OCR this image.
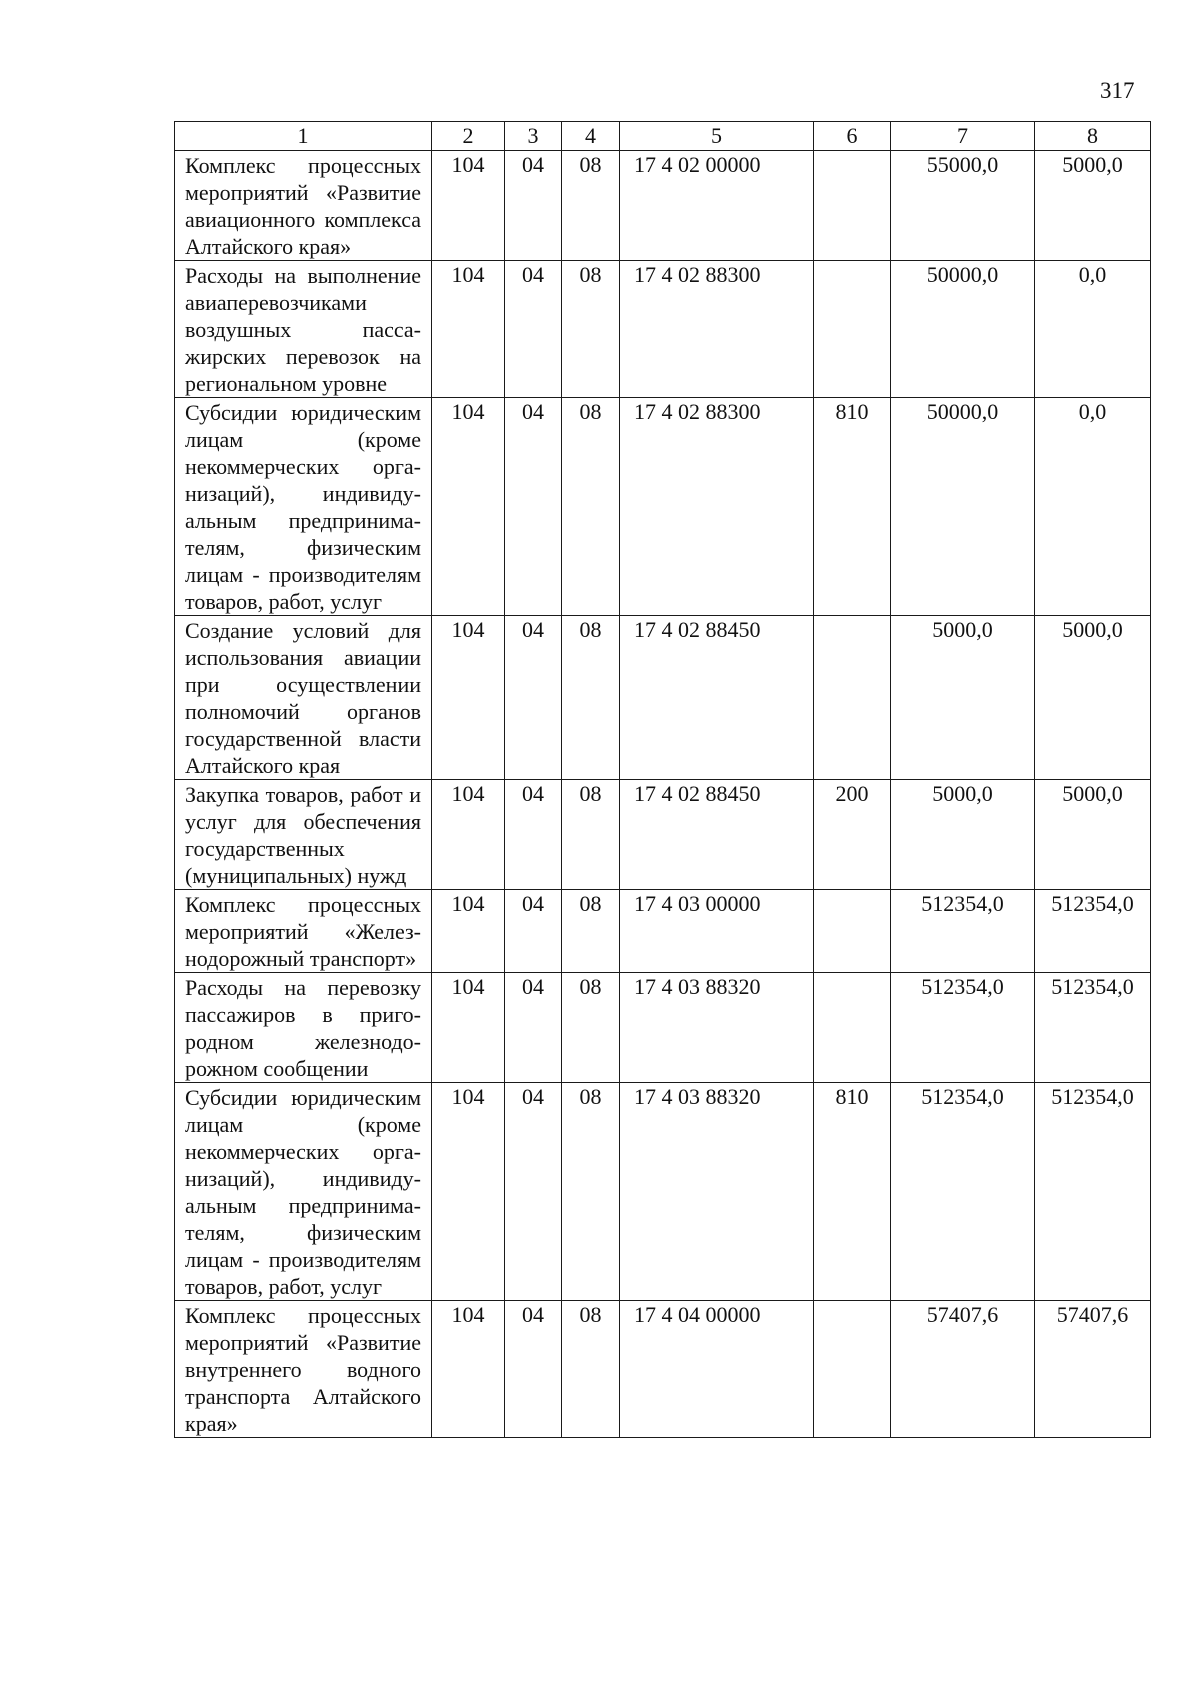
317
1	2	3	4	5	6	7	8
Комплекс процессных мероприятий «Развитие авиационного комплекса Алтайского края»	104	04	08	17 4 02 00000		55000,0	5000,0
Расходы на выполнение авиаперевозчиками воздушных пассажирских перевозок на региональном уровне	104	04	08	17 4 02 88300		50000,0	0,0
Субсидии юридическим лицам (кроме некоммерческих организаций), индивидуальным предпринимателям, физическим лицам - производителям товаров, работ, услуг	104	04	08	17 4 02 88300	810	50000,0	0,0
Создание условий для использования авиации при осуществлении полномочий органов государственной власти Алтайского края	104	04	08	17 4 02 88450		5000,0	5000,0
Закупка товаров, работ и услуг для обеспечения государственных (муниципальных) нужд	104	04	08	17 4 02 88450	200	5000,0	5000,0
Комплекс процессных мероприятий «Железнодорожный транспорт»	104	04	08	17 4 03 00000		512354,0	512354,0
Расходы на перевозку пассажиров в пригородном железнодорожном сообщении	104	04	08	17 4 03 88320		512354,0	512354,0
Субсидии юридическим лицам (кроме некоммерческих организаций), индивидуальным предпринимателям, физическим лицам - производителям товаров, работ, услуг	104	04	08	17 4 03 88320	810	512354,0	512354,0
Комплекс процессных мероприятий «Развитие внутреннего водного транспорта Алтайского края»	104	04	08	17 4 04 00000		57407,6	57407,6
